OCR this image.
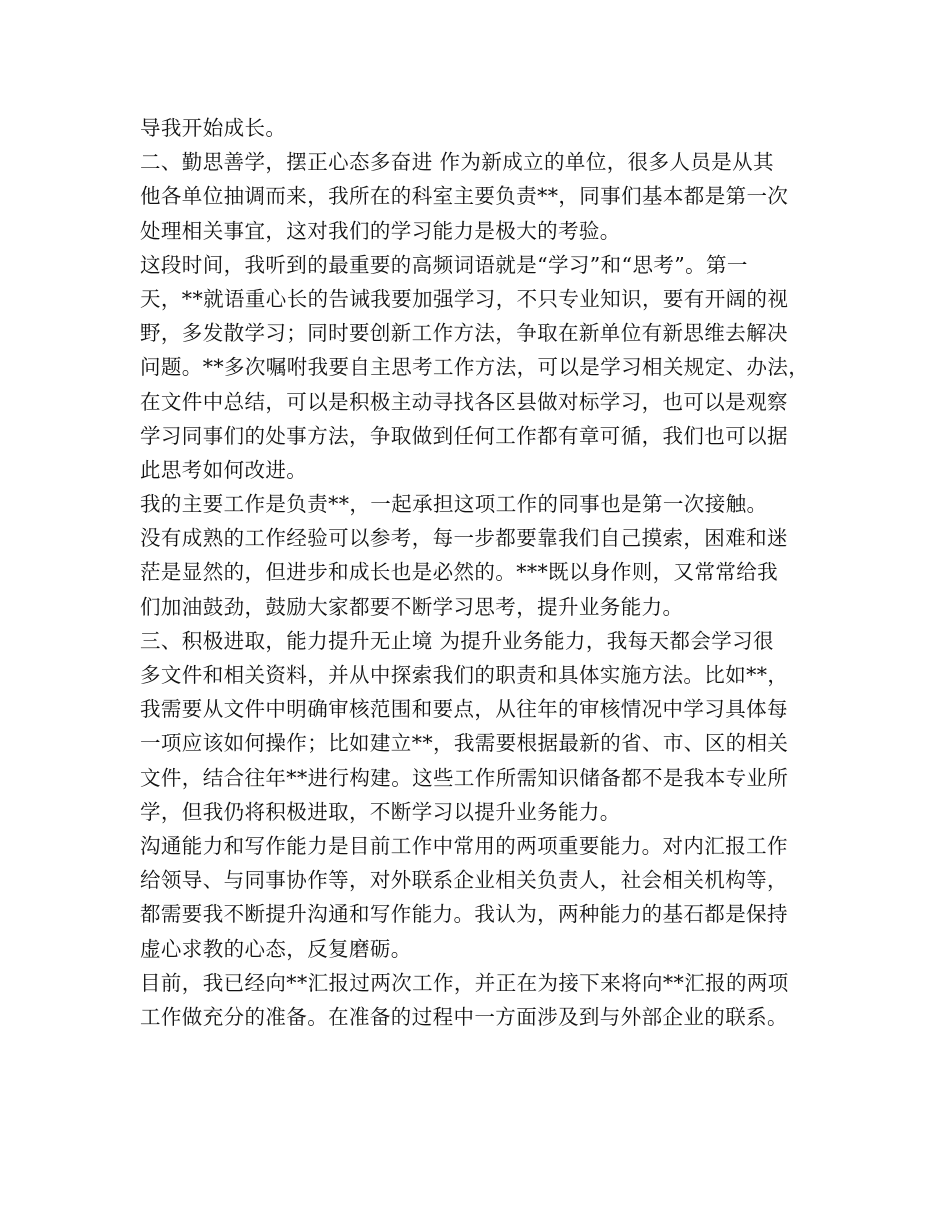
导我开始成长。
二、勤思善学，摆正心态多奋进 作为新成立的单位，很多人员是从其
他各单位抽调而来，我所在的科室主要负责**，同事们基本都是第一次
处理相关事宜，这对我们的学习能力是极大的考验。
这段时间，我听到的最重要的高频词语就是“学习”和“思考”。第一
天，**就语重心长的告诫我要加强学习，不只专业知识，要有开阔的视
野，多发散学习；同时要创新工作方法，争取在新单位有新思维去解决
问题。**多次嘱咐我要自主思考工作方法，可以是学习相关规定、办法，
在文件中总结，可以是积极主动寻找各区县做对标学习，也可以是观察
学习同事们的处事方法，争取做到任何工作都有章可循，我们也可以据
此思考如何改进。
我的主要工作是负责**，一起承担这项工作的同事也是第一次接触。
没有成熟的工作经验可以参考，每一步都要靠我们自己摸索，困难和迷
茫是显然的，但进步和成长也是必然的。***既以身作则，又常常给我
们加油鼓劲，鼓励大家都要不断学习思考，提升业务能力。
三、积极进取，能力提升无止境 为提升业务能力，我每天都会学习很
多文件和相关资料，并从中探索我们的职责和具体实施方法。比如**，
我需要从文件中明确审核范围和要点，从往年的审核情况中学习具体每
一项应该如何操作；比如建立**，我需要根据最新的省、市、区的相关
文件，结合往年**进行构建。这些工作所需知识储备都不是我本专业所
学，但我仍将积极进取，不断学习以提升业务能力。
沟通能力和写作能力是目前工作中常用的两项重要能力。对内汇报工作
给领导、与同事协作等，对外联系企业相关负责人，社会相关机构等，
都需要我不断提升沟通和写作能力。我认为，两种能力的基石都是保持
虚心求教的心态，反复磨砺。
目前，我已经向**汇报过两次工作，并正在为接下来将向**汇报的两项
工作做充分的准备。在准备的过程中一方面涉及到与外部企业的联系。
